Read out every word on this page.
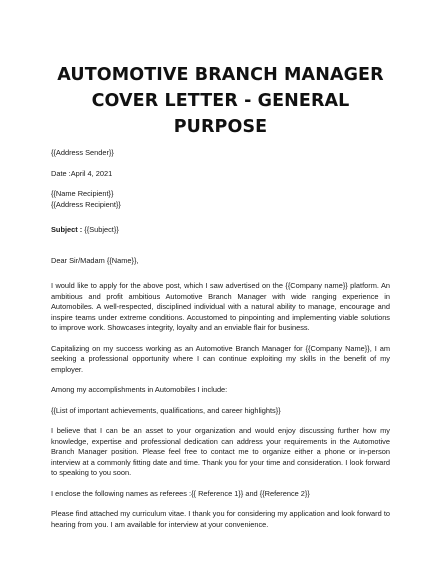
AUTOMOTIVE BRANCH MANAGER COVER LETTER - GENERAL PURPOSE

{{Address Sender}}

Date :April 4, 2021

{{Name Recipient}}

{{Address Recipient}}

Subject : {{Subject}}

Dear Sir/Madam {{Name}},

I would like to apply for the above post, which I saw advertised on the {{Company name}} platform. An ambitious and profit ambitious Automotive Branch Manager with wide ranging experience in Automobiles. A well-respected, disciplined individual with a natural ability to manage, encourage and inspire teams under extreme conditions. Accustomed to pinpointing and implementing viable solutions to improve work. Showcases integrity, loyalty and an enviable flair for business.

Capitalizing on my success working as an Automotive Branch Manager for {{Company Name}}, I am seeking a professional opportunity where I can continue exploiting my skills in the benefit of my employer.

Among my accomplishments in Automobiles I include:

{{List of important achievements, qualifications, and career highlights}}

I believe that I can be an asset to your organization and would enjoy discussing further how my knowledge, expertise and professional dedication can address your requirements in the Automotive Branch Manager position. Please feel free to contact me to organize either a phone or in-person interview at a commonly fitting date and time. Thank you for your time and consideration. I look forward to speaking to you soon.

I enclose the following names as referees :{{ Reference 1}} and {{Reference 2}}

Please find attached my curriculum vitae. I thank you for considering my application and look forward to hearing from you. I am available for interview at your convenience.
